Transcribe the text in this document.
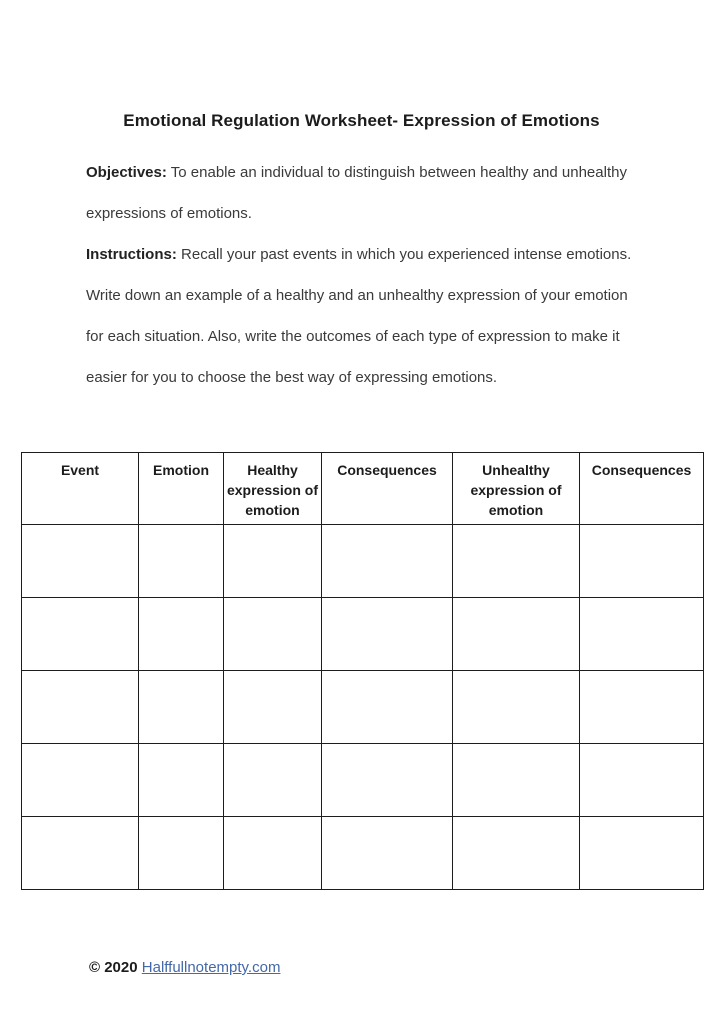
Emotional Regulation Worksheet- Expression of Emotions

Objectives: To enable an individual to distinguish between healthy and unhealthy expressions of emotions.

Instructions: Recall your past events in which you experienced intense emotions. Write down an example of a healthy and an unhealthy expression of your emotion for each situation. Also, write the outcomes of each type of expression to make it easier for you to choose the best way of expressing emotions.

Event	Emotion	Healthy expression of emotion	Consequences	Unhealthy expression of emotion	Consequences

© 2020 Halffullnotempty.com
